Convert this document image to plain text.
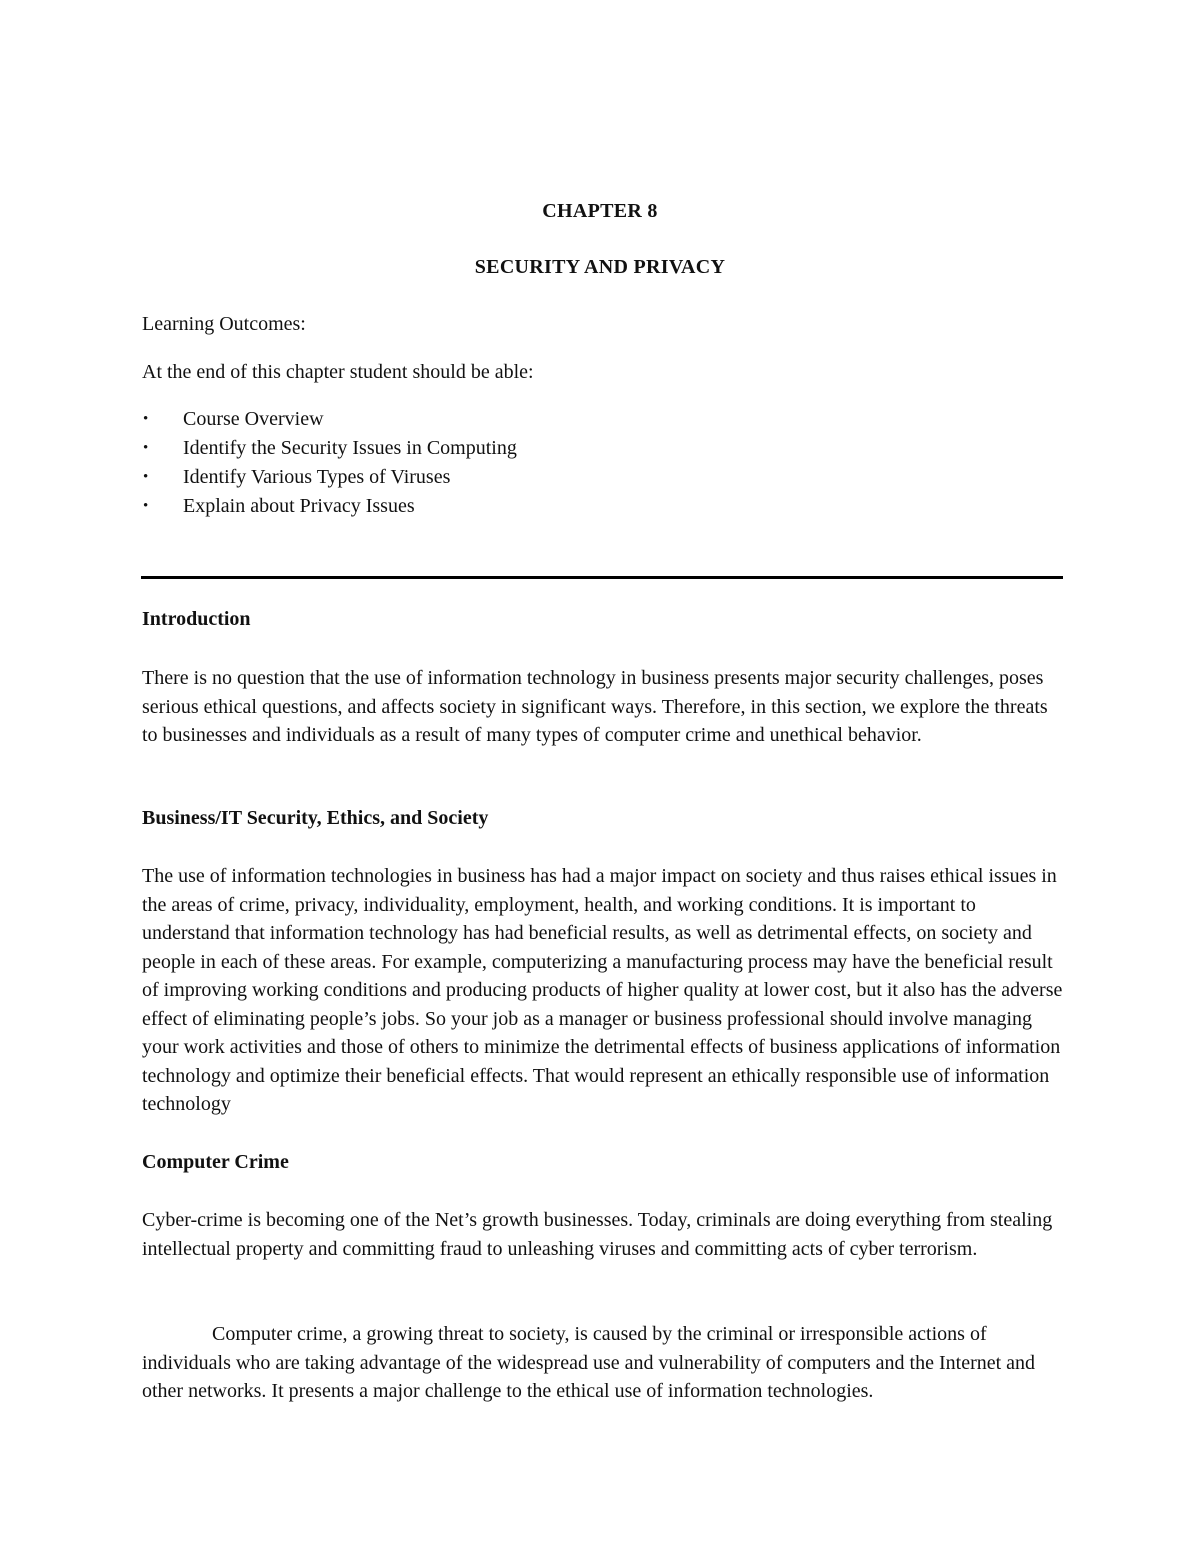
CHAPTER 8
SECURITY AND PRIVACY
Learning Outcomes:
At the end of this chapter student should be able:
• Course Overview
• Identify the Security Issues in Computing
• Identify Various Types of Viruses
• Explain about Privacy Issues
Introduction

There is no question that the use of information technology in business presents major security challenges, poses serious ethical questions, and affects society in significant ways. Therefore, in this section, we explore the threats to businesses and individuals as a result of many types of computer crime and unethical behavior.

Business/IT Security, Ethics, and Society

The use of information technologies in business has had a major impact on society and thus raises ethical issues in the areas of crime, privacy, individuality, employment, health, and working conditions. It is important to understand that information technology has had beneficial results, as well as detrimental effects, on society and people in each of these areas. For example, computerizing a manufacturing process may have the beneficial result of improving working conditions and producing products of higher quality at lower cost, but it also has the adverse effect of eliminating people’s jobs. So your job as a manager or business professional should involve managing your work activities and those of others to minimize the detrimental effects of business applications of information technology and optimize their beneficial effects. That would represent an ethically responsible use of information technology

Computer Crime

Cyber-crime is becoming one of the Net’s growth businesses. Today, criminals are doing everything from stealing intellectual property and committing fraud to unleashing viruses and committing acts of cyber terrorism.

Computer crime, a growing threat to society, is caused by the criminal or irresponsible actions of individuals who are taking advantage of the widespread use and vulnerability of computers and the Internet and other networks. It presents a major challenge to the ethical use of information technologies.
